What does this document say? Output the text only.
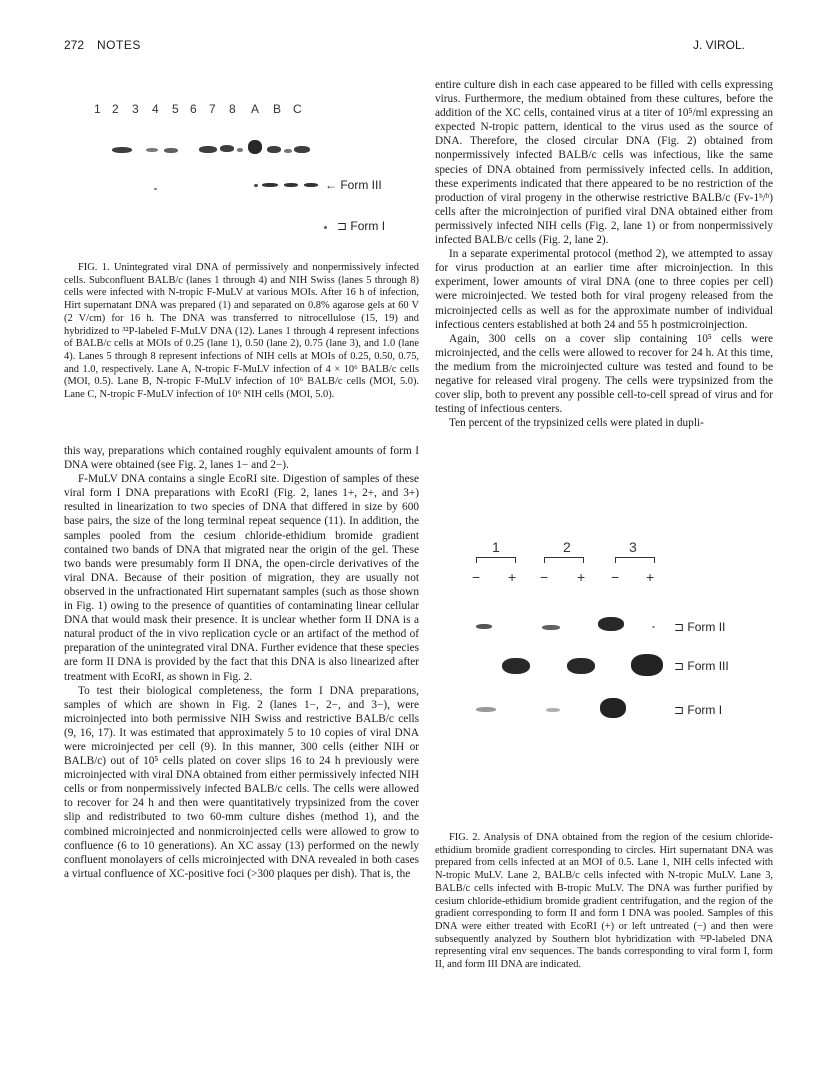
272 NOTES	J. VIROL.
1 2 3 4 5 6 7 8 A B C
← Form III
⊐ Form I

FIG. 1. Unintegrated viral DNA of permissively and nonpermissively infected cells. Subconfluent BALB/c (lanes 1 through 4) and NIH Swiss (lanes 5 through 8) cells were infected with N-tropic F-MuLV at various MOIs. After 16 h of infection, Hirt supernatant DNA was prepared (1) and separated on 0.8% agarose gels at 60 V (2 V/cm) for 16 h. The DNA was transferred to nitrocellulose (15, 19) and hybridized to ³²P-labeled F-MuLV DNA (12). Lanes 1 through 4 represent infections of BALB/c cells at MOIs of 0.25 (lane 1), 0.50 (lane 2), 0.75 (lane 3), and 1.0 (lane 4). Lanes 5 through 8 represent infections of NIH cells at MOIs of 0.25, 0.50, 0.75, and 1.0, respectively. Lane A, N-tropic F-MuLV infection of 4 × 10⁶ BALB/c cells (MOI, 0.5). Lane B, N-tropic F-MuLV infection of 10⁶ BALB/c cells (MOI, 5.0). Lane C, N-tropic F-MuLV infection of 10⁶ NIH cells (MOI, 5.0).

this way, preparations which contained roughly equivalent amounts of form I DNA were obtained (see Fig. 2, lanes 1− and 2−).

F-MuLV DNA contains a single EcoRI site. Digestion of samples of these viral form I DNA preparations with EcoRI (Fig. 2, lanes 1+, 2+, and 3+) resulted in linearization to two species of DNA that differed in size by 600 base pairs, the size of the long terminal repeat sequence (11). In addition, the samples pooled from the cesium chloride-ethidium bromide gradient contained two bands of DNA that migrated near the origin of the gel. These two bands were presumably form II DNA, the open-circle derivatives of the viral DNA. Because of their position of migration, they are usually not observed in the unfractionated Hirt supernatant samples (such as those shown in Fig. 1) owing to the presence of quantities of contaminating linear cellular DNA that would mask their presence. It is unclear whether form II DNA is a natural product of the in vivo replication cycle or an artifact of the method of preparation of the unintegrated viral DNA. Further evidence that these species are form II DNA is provided by the fact that this DNA is also linearized after treatment with EcoRI, as shown in Fig. 2.

To test their biological completeness, the form I DNA preparations, samples of which are shown in Fig. 2 (lanes 1−, 2−, and 3−), were microinjected into both permissive NIH Swiss and restrictive BALB/c cells (9, 16, 17). It was estimated that approximately 5 to 10 copies of viral DNA were microinjected per cell (9). In this manner, 300 cells (either NIH or BALB/c) out of 10⁵ cells plated on cover slips 16 to 24 h previously were microinjected with viral DNA obtained from either permissively infected NIH cells or from nonpermissively infected BALB/c cells. The cells were allowed to recover for 24 h and then were quantitatively trypsinized from the cover slip and redistributed to two 60-mm culture dishes (method 1), and the combined microinjected and nonmicroinjected cells were allowed to grow to confluence (6 to 10 generations). An XC assay (13) performed on the newly confluent monolayers of cells microinjected with DNA revealed in both cases a virtual confluence of XC-positive foci (>300 plaques per dish). That is, the

entire culture dish in each case appeared to be filled with cells expressing virus. Furthermore, the medium obtained from these cultures, before the addition of the XC cells, contained virus at a titer of 10⁵/ml expressing an expected N-tropic pattern, identical to the virus used as the source of DNA. Therefore, the closed circular DNA (Fig. 2) obtained from nonpermissively infected BALB/c cells was infectious, like the same species of DNA obtained from permissively infected cells. In addition, these experiments indicated that there appeared to be no restriction of the production of viral progeny in the otherwise restrictive BALB/c (Fv-1ᵇ/ᵇ) cells after the microinjection of purified viral DNA obtained either from permissively infected NIH cells (Fig. 2, lane 1) or from nonpermissively infected BALB/c cells (Fig. 2, lane 2).

In a separate experimental protocol (method 2), we attempted to assay for virus production at an earlier time after microinjection. In this experiment, lower amounts of viral DNA (one to three copies per cell) were microinjected. We tested both for viral progeny released from the microinjected cells as well as for the approximate number of individual infectious centers established at both 24 and 55 h postmicroinjection.

Again, 300 cells on a cover slip containing 10⁵ cells were microinjected, and the cells were allowed to recover for 24 h. At this time, the medium from the microinjected culture was tested and found to be negative for released viral progeny. The cells were trypsinized from the cover slip, both to prevent any possible cell-to-cell spread of virus and for testing of infectious centers.

Ten percent of the trypsinized cells were plated in dupli-

1	2	3
− + − + − +
⊐ Form II
⊐ Form III
⊐ Form I

FIG. 2. Analysis of DNA obtained from the region of the cesium chloride-ethidium bromide gradient corresponding to circles. Hirt supernatant DNA was prepared from cells infected at an MOI of 0.5. Lane 1, NIH cells infected with N-tropic MuLV. Lane 2, BALB/c cells infected with N-tropic MuLV. Lane 3, BALB/c cells infected with B-tropic MuLV. The DNA was further purified by cesium chloride-ethidium bromide gradient centrifugation, and the region of the gradient corresponding to form II and form I DNA was pooled. Samples of this DNA were either treated with EcoRI (+) or left untreated (−) and then were subsequently analyzed by Southern blot hybridization with ³²P-labeled DNA representing viral env sequences. The bands corresponding to viral form I, form II, and form III DNA are indicated.
